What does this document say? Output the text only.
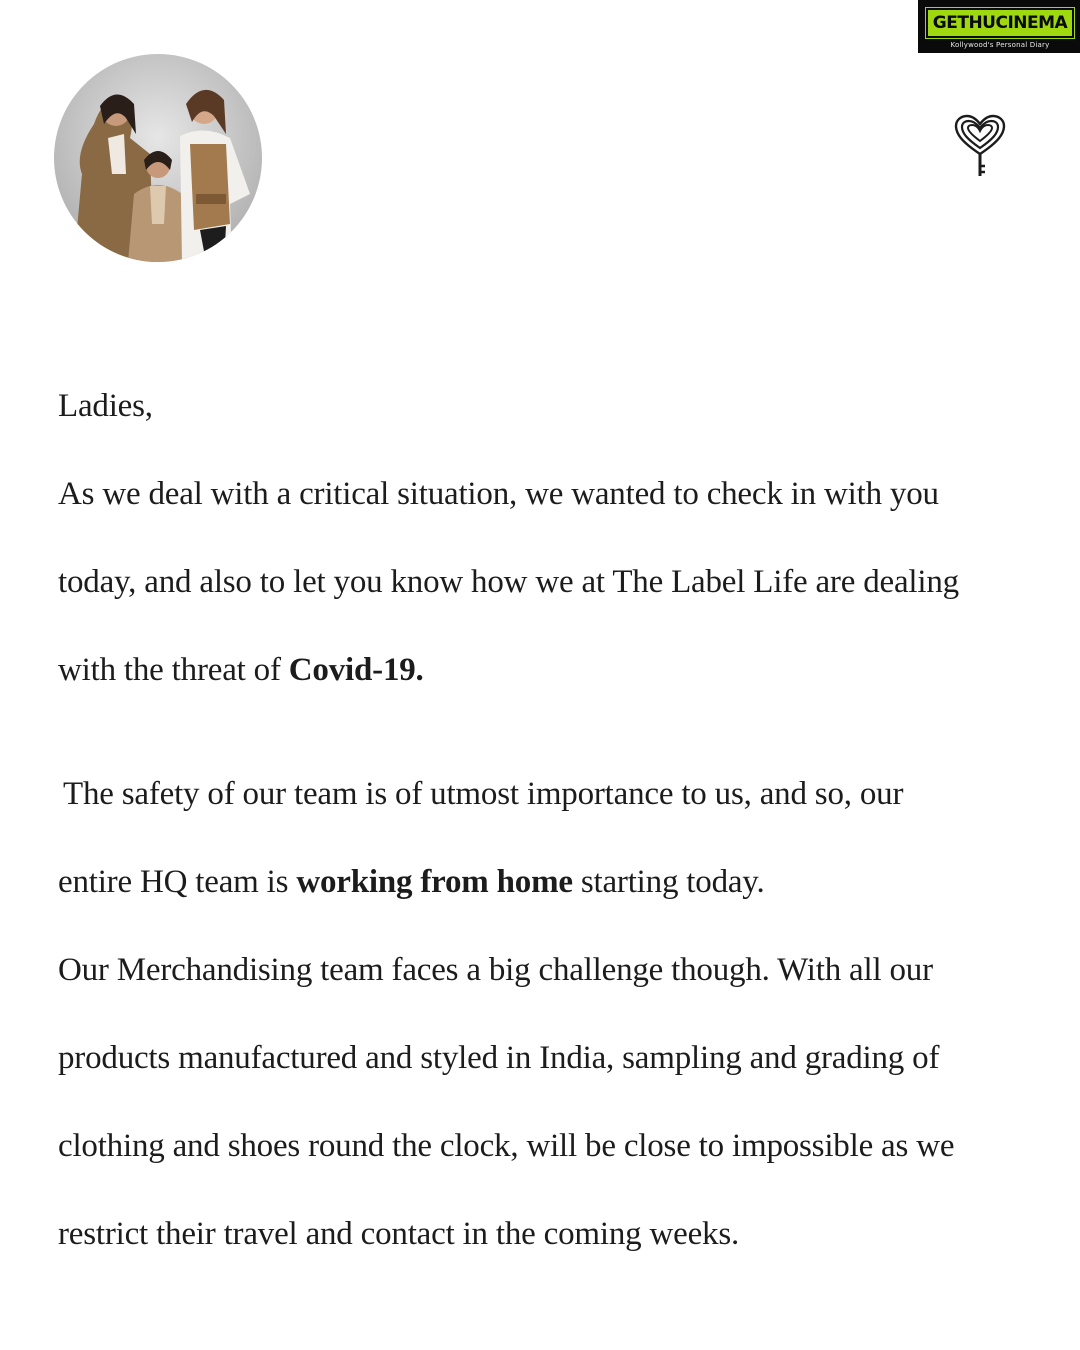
GETHUCINEMA
Kollywood's Personal Diary

Ladies,

As we deal with a critical situation, we wanted to check in with you

today, and also to let you know how we at The Label Life are dealing

with the threat of Covid-19.

The safety of our team is of utmost importance to us, and so, our

entire HQ team is working from home starting today.

Our Merchandising team faces a big challenge though. With all our

products manufactured and styled in India, sampling and grading of

clothing and shoes round the clock, will be close to impossible as we

restrict their travel and contact in the coming weeks.
